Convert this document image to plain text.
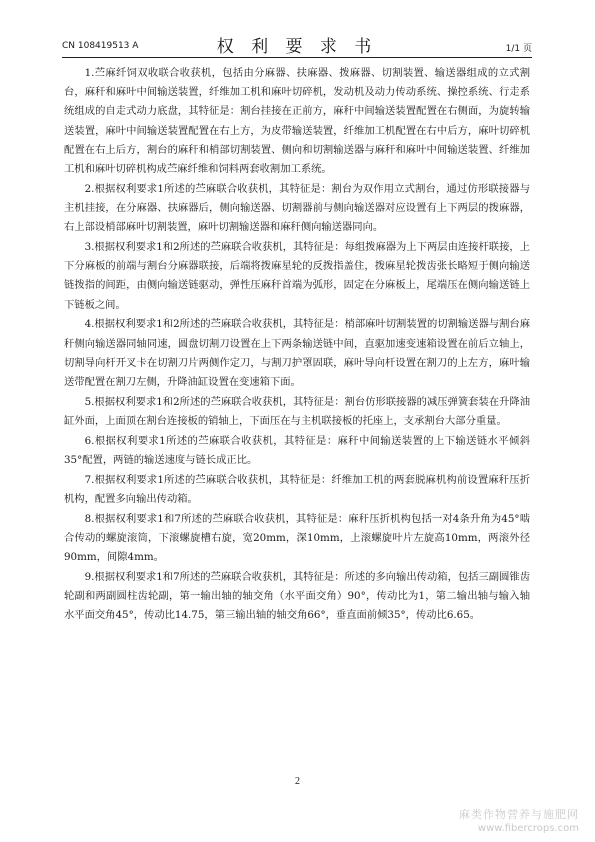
CN 108419513 A	权 利 要 求 书	1/1 页

1.苎麻纤饲双收联合收获机，包括由分麻器、扶麻器、拨麻器、切割装置、输送器组成的立式割台，麻秆和麻叶中间输送装置，纤维加工机和麻叶切碎机，发动机及动力传动系统、操控系统、行走系统组成的自走式动力底盘，其特征是：割台挂接在正前方，麻秆中间输送装置配置在右侧面，为旋转输送装置，麻叶中间输送装置配置在右上方，为皮带输送装置，纤维加工机配置在右中后方，麻叶切碎机配置在右上后方，割台的麻秆和梢部切割装置、侧向和切割输送器与麻秆和麻叶中间输送装置、纤维加工机和麻叶切碎机构成苎麻纤维和饲料两套收割加工系统。

2.根据权利要求1所述的苎麻联合收获机，其特征是：割台为双作用立式割台，通过仿形联接器与主机挂接，在分麻器、扶麻器后，侧向输送器、切割器前与侧向输送器对应设置有上下两层的拨麻器，右上部设梢部麻叶切割装置，麻叶切割输送器和麻秆侧向输送器同向。

3.根据权利要求1和2所述的苎麻联合收获机，其特征是：每组拨麻器为上下两层由连接杆联接，上下分麻板的前端与割台分麻器联接，后端将拨麻星轮的反拨指盖住，拨麻星轮拨齿张长略短于侧向输送链拨指的间距，由侧向输送链驱动，弹性压麻秆首端为弧形，固定在分麻板上，尾端压在侧向输送链上下链板之间。

4.根据权利要求1和2所述的苎麻联合收获机，其特征是：梢部麻叶切割装置的切割输送器与割台麻秆侧向输送器同轴同速，圆盘切割刀设置在上下两条输送链中间，直驱加速变速箱设置在前后立轴上，切割导向杆开叉卡在切割刀片两侧作定刀，与割刀护罩固联，麻叶导向杆设置在割刀的上左方，麻叶输送带配置在割刀左侧，升降油缸设置在变速箱下面。

5.根据权利要求1和2所述的苎麻联合收获机，其特征是：割台仿形联接器的减压弹簧套装在升降油缸外面，上面顶在割台连接板的销轴上，下面压在与主机联接板的托座上，支承割台大部分重量。

6.根据权利要求1所述的苎麻联合收获机，其特征是：麻秆中间输送装置的上下输送链水平倾斜35°配置，两链的输送速度与链长成正比。

7.根据权利要求1所述的苎麻联合收获机，其特征是：纤维加工机的两套脱麻机构前设置麻秆压折机构，配置多向输出传动箱。

8.根据权利要求1和7所述的苎麻联合收获机，其特征是：麻秆压折机构包括一对4条升角为45°啮合传动的螺旋滚筒，下滚螺旋槽右旋，宽20mm，深10mm，上滚螺旋叶片左旋高10mm，两滚外径90mm，间隙4mm。

9.根据权利要求1和7所述的苎麻联合收获机，其特征是：所述的多向输出传动箱，包括三副圆锥齿轮副和两副圆柱齿轮副，第一输出轴的轴交角（水平面交角）90°，传动比为1，第二输出轴与输入轴水平面交角45°，传动比14.75，第三输出轴的轴交角66°，垂直面前倾35°，传动比6.65。

2
麻类作物营养与施肥网
www.fibercrops.com
